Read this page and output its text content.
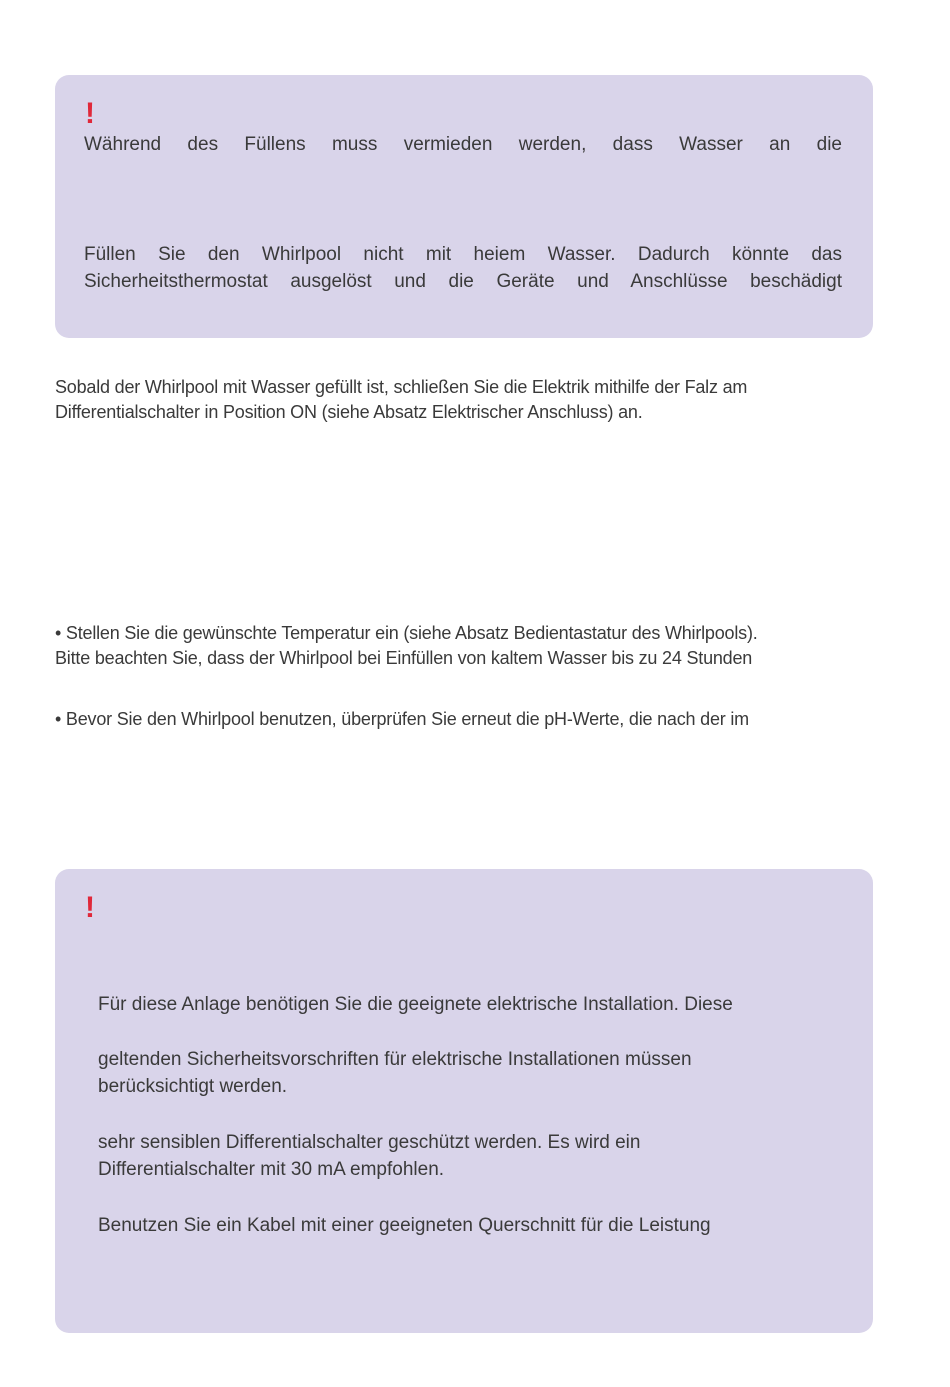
!
Während des Füllens muss vermieden werden, dass Wasser an die
Füllen Sie den Whirlpool nicht mit heiem Wasser. Dadurch könnte das
Sicherheitsthermostat ausgelöst und die Geräte und Anschlüsse beschädigt
Sobald der Whirlpool mit Wasser gefüllt ist, schließen Sie die Elektrik mithilfe der Falz am
Differentialschalter in Position ON (siehe Absatz Elektrischer Anschluss) an.
• Stellen Sie die gewünschte Temperatur ein (siehe Absatz Bedientastatur des Whirlpools).
Bitte beachten Sie, dass der Whirlpool bei Einfüllen von kaltem Wasser bis zu 24 Stunden
• Bevor Sie den Whirlpool benutzen, überprüfen Sie erneut die pH-Werte, die nach der im
!
Für diese Anlage benötigen Sie die geeignete elektrische Installation. Diese
geltenden Sicherheitsvorschriften für elektrische Installationen müssen
berücksichtigt werden.
sehr sensiblen Differentialschalter geschützt werden. Es wird ein
Differentialschalter mit 30 mA empfohlen.
Benutzen Sie ein Kabel mit einer geeigneten Querschnitt für die Leistung
